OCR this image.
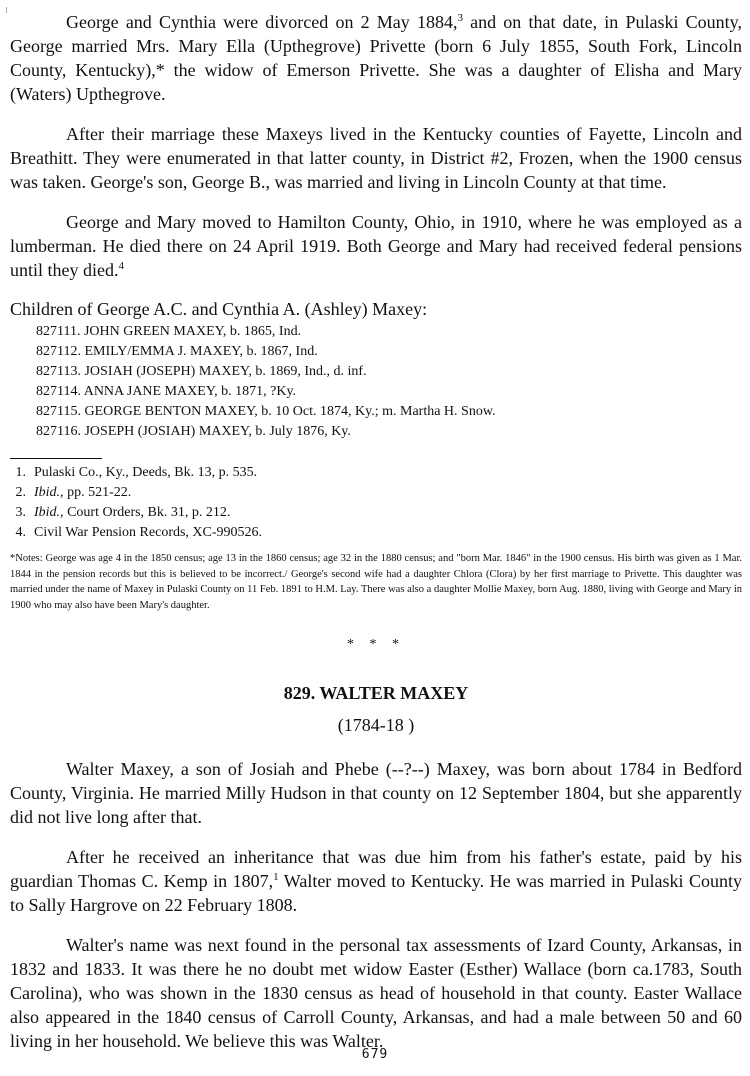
George and Cynthia were divorced on 2 May 1884,$^3$ and on that date, in Pulaski County, George married Mrs. Mary Ella (Upthegrove) Privette (born 6 July 1855, South Fork, Lincoln County, Kentucky),* the widow of Emerson Privette. She was a daughter of Elisha and Mary (Waters) Upthegrove.

After their marriage these Maxeys lived in the Kentucky counties of Fayette, Lincoln and Breathitt. They were enumerated in that latter county, in District #2, Frozen, when the 1900 census was taken. George's son, George B., was married and living in Lincoln County at that time.

George and Mary moved to Hamilton County, Ohio, in 1910, where he was employed as a lumberman. He died there on 24 April 1919. Both George and Mary had received federal pensions until they died.$^4$

Children of George A.C. and Cynthia A. (Ashley) Maxey:
827111. JOHN GREEN MAXEY, b. 1865, Ind.
827112. EMILY/EMMA J. MAXEY, b. 1867, Ind.
827113. JOSIAH (JOSEPH) MAXEY, b. 1869, Ind., d. inf.
827114. ANNA JANE MAXEY, b. 1871, ?Ky.
827115. GEORGE BENTON MAXEY, b. 10 Oct. 1874, Ky.; m. Martha H. Snow.
827116. JOSEPH (JOSIAH) MAXEY, b. July 1876, Ky.
1. Pulaski Co., Ky., Deeds, Bk. 13, p. 535.
2. Ibid., pp. 521-22.
3. Ibid., Court Orders, Bk. 31, p. 212.
4. Civil War Pension Records, XC-990526.

*Notes: George was age 4 in the 1850 census; age 13 in the 1860 census; age 32 in the 1880 census; and "born Mar. 1846" in the 1900 census. His birth was given as 1 Mar. 1844 in the pension records but this is believed to be incorrect./ George's second wife had a daughter Chlora (Clora) by her first marriage to Privette. This daughter was married under the name of Maxey in Pulaski County on 11 Feb. 1891 to H.M. Lay. There was also a daughter Mollie Maxey, born Aug. 1880, living with George and Mary in 1900 who may also have been Mary's daughter.

* * *
829. WALTER MAXEY
(1784-18 )

Walter Maxey, a son of Josiah and Phebe (--?--) Maxey, was born about 1784 in Bedford County, Virginia. He married Milly Hudson in that county on 12 September 1804, but she apparently did not live long after that.

After he received an inheritance that was due him from his father's estate, paid by his guardian Thomas C. Kemp in 1807,$^1$ Walter moved to Kentucky. He was married in Pulaski County to Sally Hargrove on 22 February 1808.

Walter's name was next found in the personal tax assessments of Izard County, Arkansas, in 1832 and 1833. It was there he no doubt met widow Easter (Esther) Wallace (born ca.1783, South Carolina), who was shown in the 1830 census as head of household in that county. Easter Wallace also appeared in the 1840 census of Carroll County, Arkansas, and had a male between 50 and 60 living in her household. We believe this was Walter.

679
